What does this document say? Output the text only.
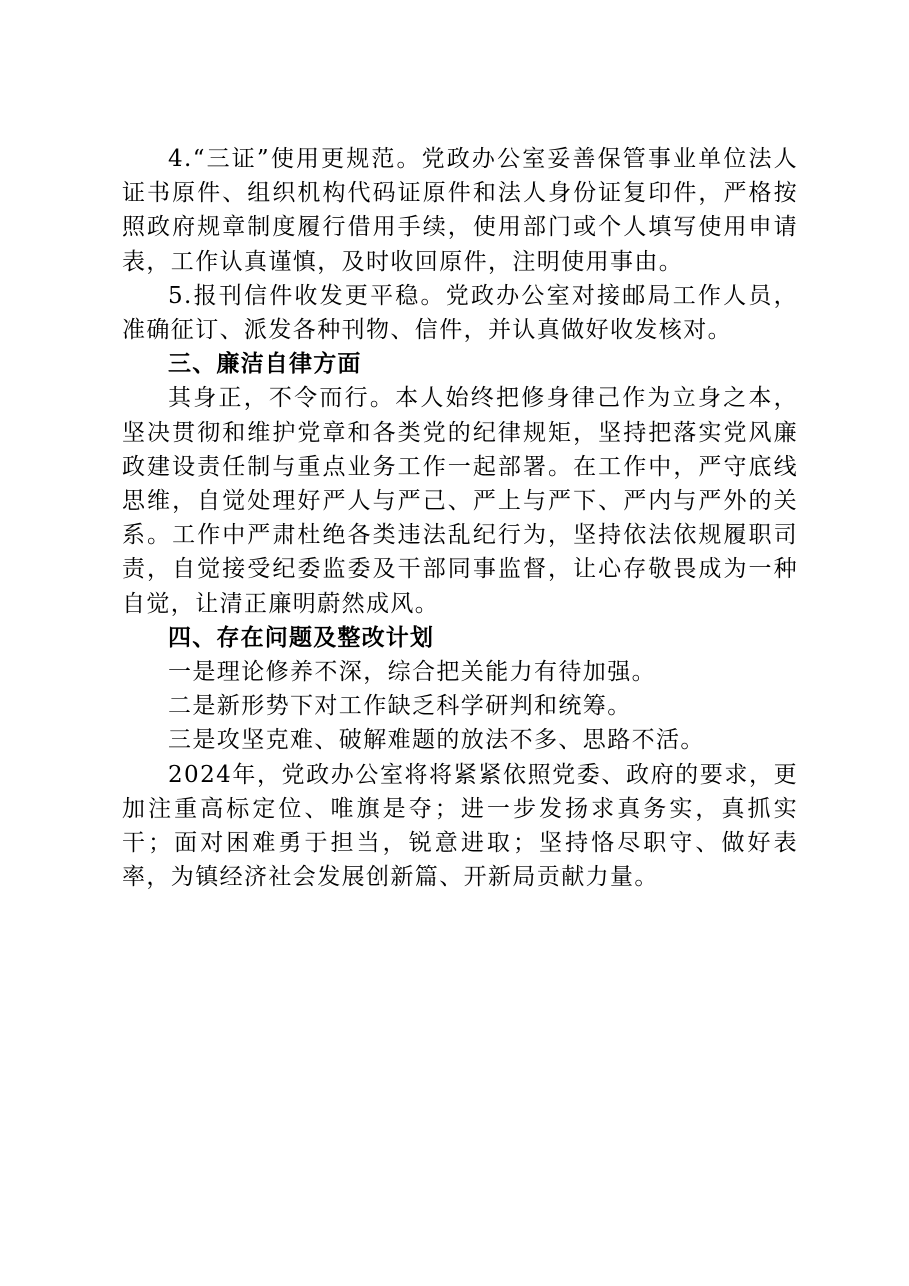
4.“三证”使用更规范。党政办公室妥善保管事业单位法人证书原件、组织机构代码证原件和法人身份证复印件，严格按照政府规章制度履行借用手续，使用部门或个人填写使用申请表，工作认真谨慎，及时收回原件，注明使用事由。

5.报刊信件收发更平稳。党政办公室对接邮局工作人员，准确征订、派发各种刊物、信件，并认真做好收发核对。

三、廉洁自律方面

其身正，不令而行。本人始终把修身律己作为立身之本，坚决贯彻和维护党章和各类党的纪律规矩，坚持把落实党风廉政建设责任制与重点业务工作一起部署。在工作中，严守底线思维，自觉处理好严人与严己、严上与严下、严内与严外的关系。工作中严肃杜绝各类违法乱纪行为，坚持依法依规履职司责，自觉接受纪委监委及干部同事监督，让心存敬畏成为一种自觉，让清正廉明蔚然成风。

四、存在问题及整改计划

一是理论修养不深，综合把关能力有待加强。

二是新形势下对工作缺乏科学研判和统筹。

三是攻坚克难、破解难题的放法不多、思路不活。

2024年，党政办公室将将紧紧依照党委、政府的要求，更加注重高标定位、唯旗是夺；进一步发扬求真务实，真抓实干；面对困难勇于担当，锐意进取；坚持恪尽职守、做好表率，为镇经济社会发展创新篇、开新局贡献力量。
